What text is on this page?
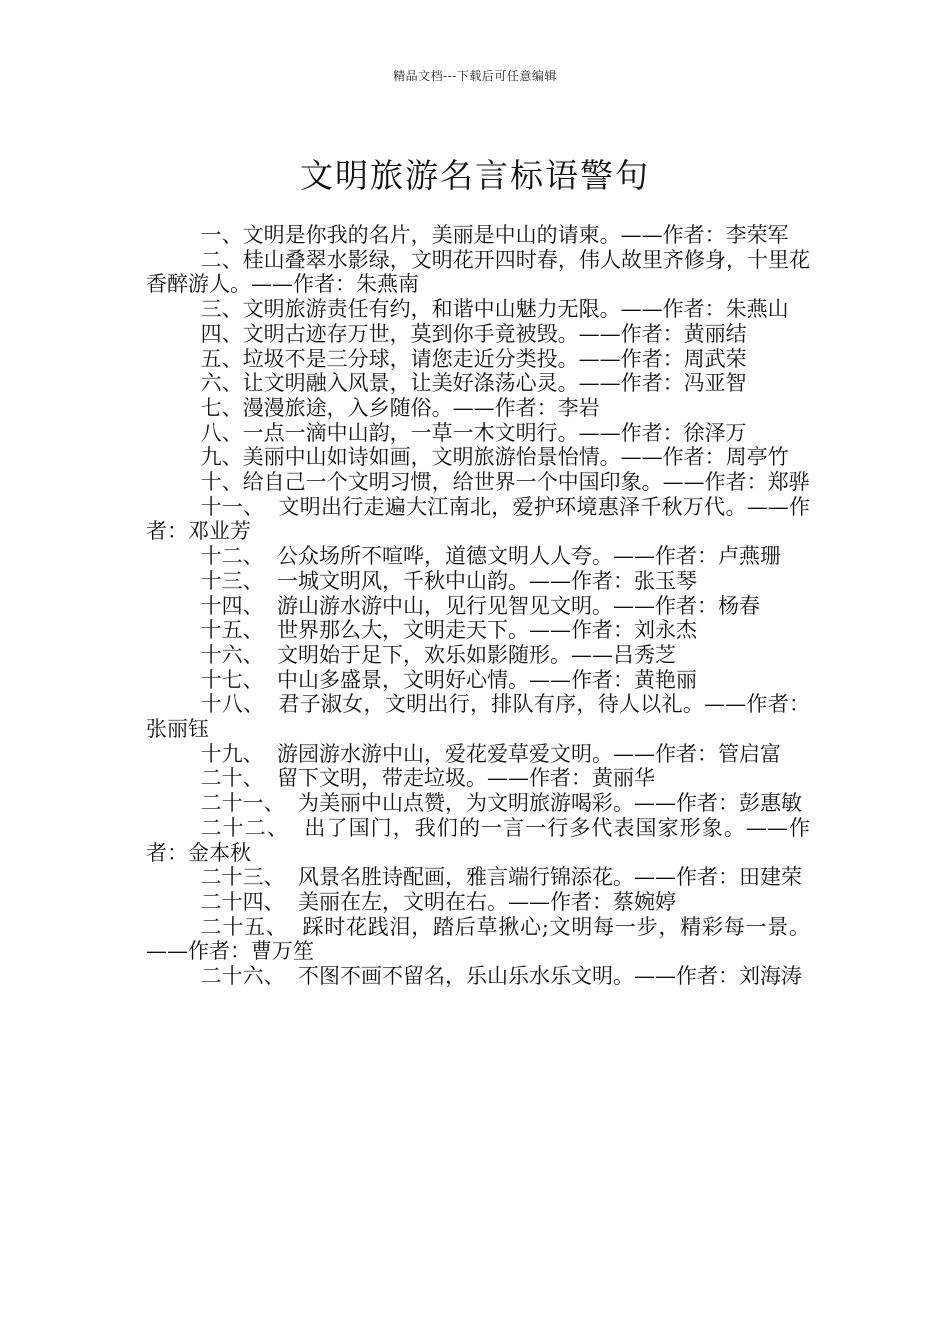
精品文档---下载后可任意编辑
文明旅游名言标语警句

一、文明是你我的名片，美丽是中山的请柬。——作者：李荣军

二、桂山叠翠水影绿，文明花开四时春，伟人故里齐修身，十里花香醉游人。——作者：朱燕南

三、文明旅游责任有约，和谐中山魅力无限。——作者：朱燕山

四、文明古迹存万世，莫到你手竟被毁。——作者：黄丽结

五、垃圾不是三分球，请您走近分类投。——作者：周武荣

六、让文明融入风景，让美好涤荡心灵。——作者：冯亚智

七、漫漫旅途，入乡随俗。——作者：李岩

八、一点一滴中山韵，一草一木文明行。——作者：徐泽万

九、美丽中山如诗如画，文明旅游怡景怡情。——作者：周亭竹

十、给自己一个文明习惯，给世界一个中国印象。——作者：郑骅

十一、 文明出行走遍大江南北，爱护环境惠泽千秋万代。——作者：邓业芳

十二、 公众场所不喧哗，道德文明人人夸。——作者：卢燕珊

十三、 一城文明风，千秋中山韵。——作者：张玉琴

十四、 游山游水游中山，见行见智见文明。——作者：杨春

十五、 世界那么大，文明走天下。——作者：刘永杰

十六、 文明始于足下，欢乐如影随形。——吕秀芝

十七、 中山多盛景，文明好心情。——作者：黄艳丽

十八、 君子淑女，文明出行，排队有序，待人以礼。——作者：张丽钰

十九、 游园游水游中山，爱花爱草爱文明。——作者：管启富

二十、 留下文明，带走垃圾。——作者：黄丽华

二十一、 为美丽中山点赞，为文明旅游喝彩。——作者：彭惠敏

二十二、 出了国门，我们的一言一行多代表国家形象。——作者：金本秋

二十三、 风景名胜诗配画，雅言端行锦添花。——作者：田建荣

二十四、 美丽在左，文明在右。——作者：蔡婉婷

二十五、 踩时花践泪，踏后草揪心;文明每一步，精彩每一景。——作者：曹万笙

二十六、 不图不画不留名，乐山乐水乐文明。——作者：刘海涛
